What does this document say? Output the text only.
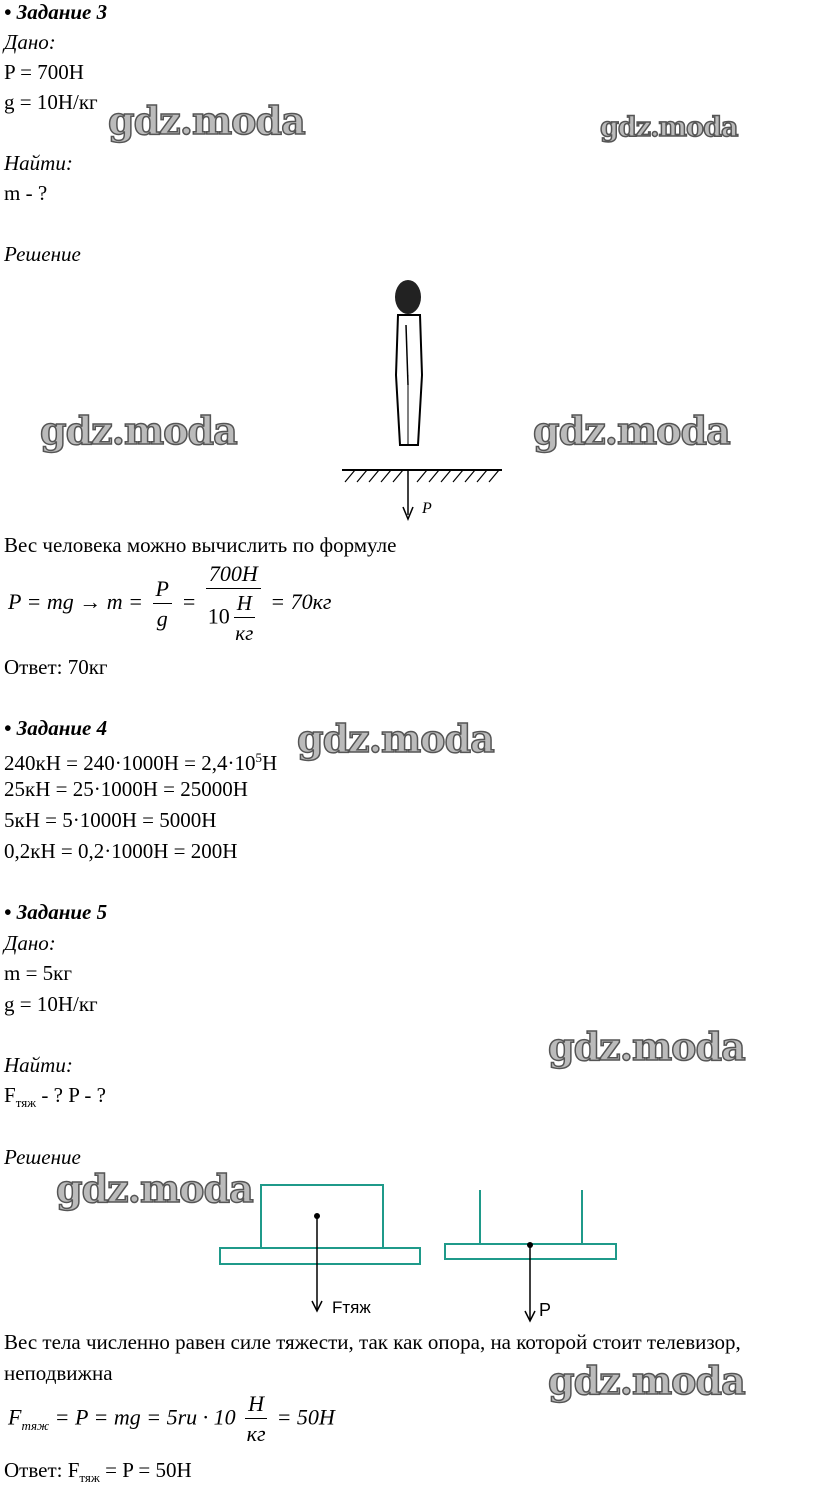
• Задание 3
Дано:
P = 700H
g = 10H/кг
Найти:
m - ?
Решение
P
Вес человека можно вычислить по формуле
P = mg → $m = \frac{P}{g} = \frac{700H}{10 \frac{H}{кг}} = 70кг$
Ответ: 70кг
• Задание 4
$240кН = 240\cdot 1000Н = 2,4\cdot 10^5Н$
25кН = 25·1000Н = 25000Н
5кН = 5·1000Н = 5000Н
0,2кН = 0,2·1000Н = 200Н
• Задание 5
Дано:
m = 5кг
g = 10Н/кг
Найти:
$F_{тяж}$ - ? P - ?
Решение
Fтяж	P
Вес тела численно равен силе тяжести, так как опора, на которой стоит телевизор,
неподвижна
$F_{тяж} = P$ = mg = $5ru \cdot 10 \frac{H}{кг} = 50H$
Ответ: $F_{тяж} = P = 50Н$
gdz.moda	gdz.moda
gdz.moda	gdz.moda
gdz.moda
gdz.moda
gdz.moda
gdz.moda
